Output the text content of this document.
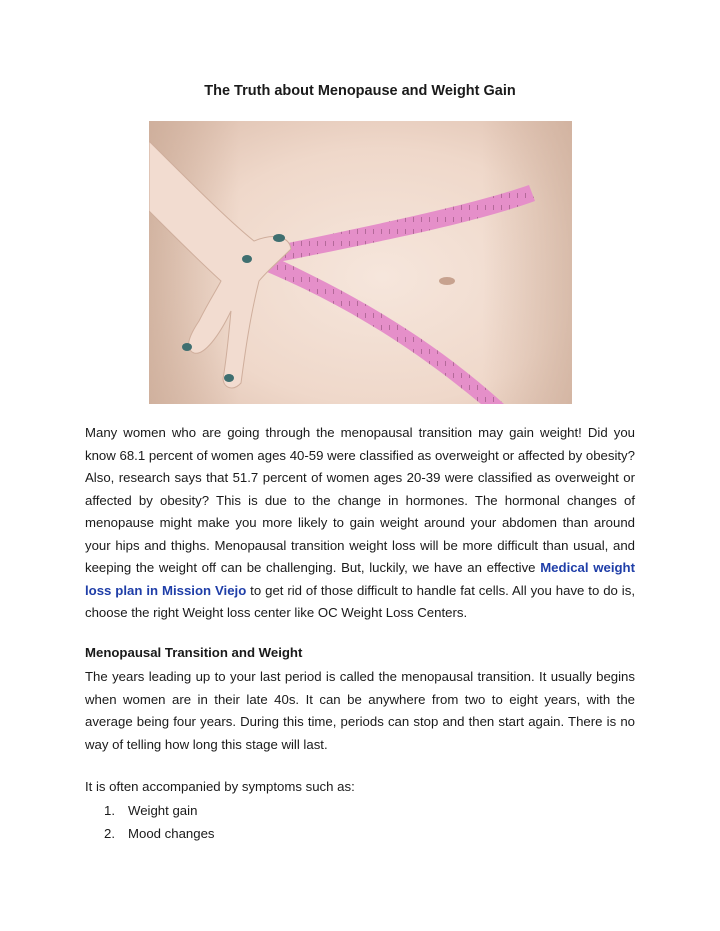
The Truth about Menopause and Weight Gain

Many women who are going through the menopausal transition may gain weight! Did you know 68.1 percent of women ages 40-59 were classified as overweight or affected by obesity? Also, research says that 51.7 percent of women ages 20-39 were classified as overweight or affected by obesity? This is due to the change in hormones. The hormonal changes of menopause might make you more likely to gain weight around your abdomen than around your hips and thighs. Menopausal transition weight loss will be more difficult than usual, and keeping the weight off can be challenging. But, luckily, we have an effective Medical weight loss plan in Mission Viejo to get rid of those difficult to handle fat cells. All you have to do is, choose the right Weight loss center like OC Weight Loss Centers.

Menopausal Transition and Weight

The years leading up to your last period is called the menopausal transition. It usually begins when women are in their late 40s. It can be anywhere from two to eight years, with the average being four years. During this time, periods can stop and then start again. There is no way of telling how long this stage will last.

It is often accompanied by symptoms such as:

1. Weight gain
2. Mood changes
